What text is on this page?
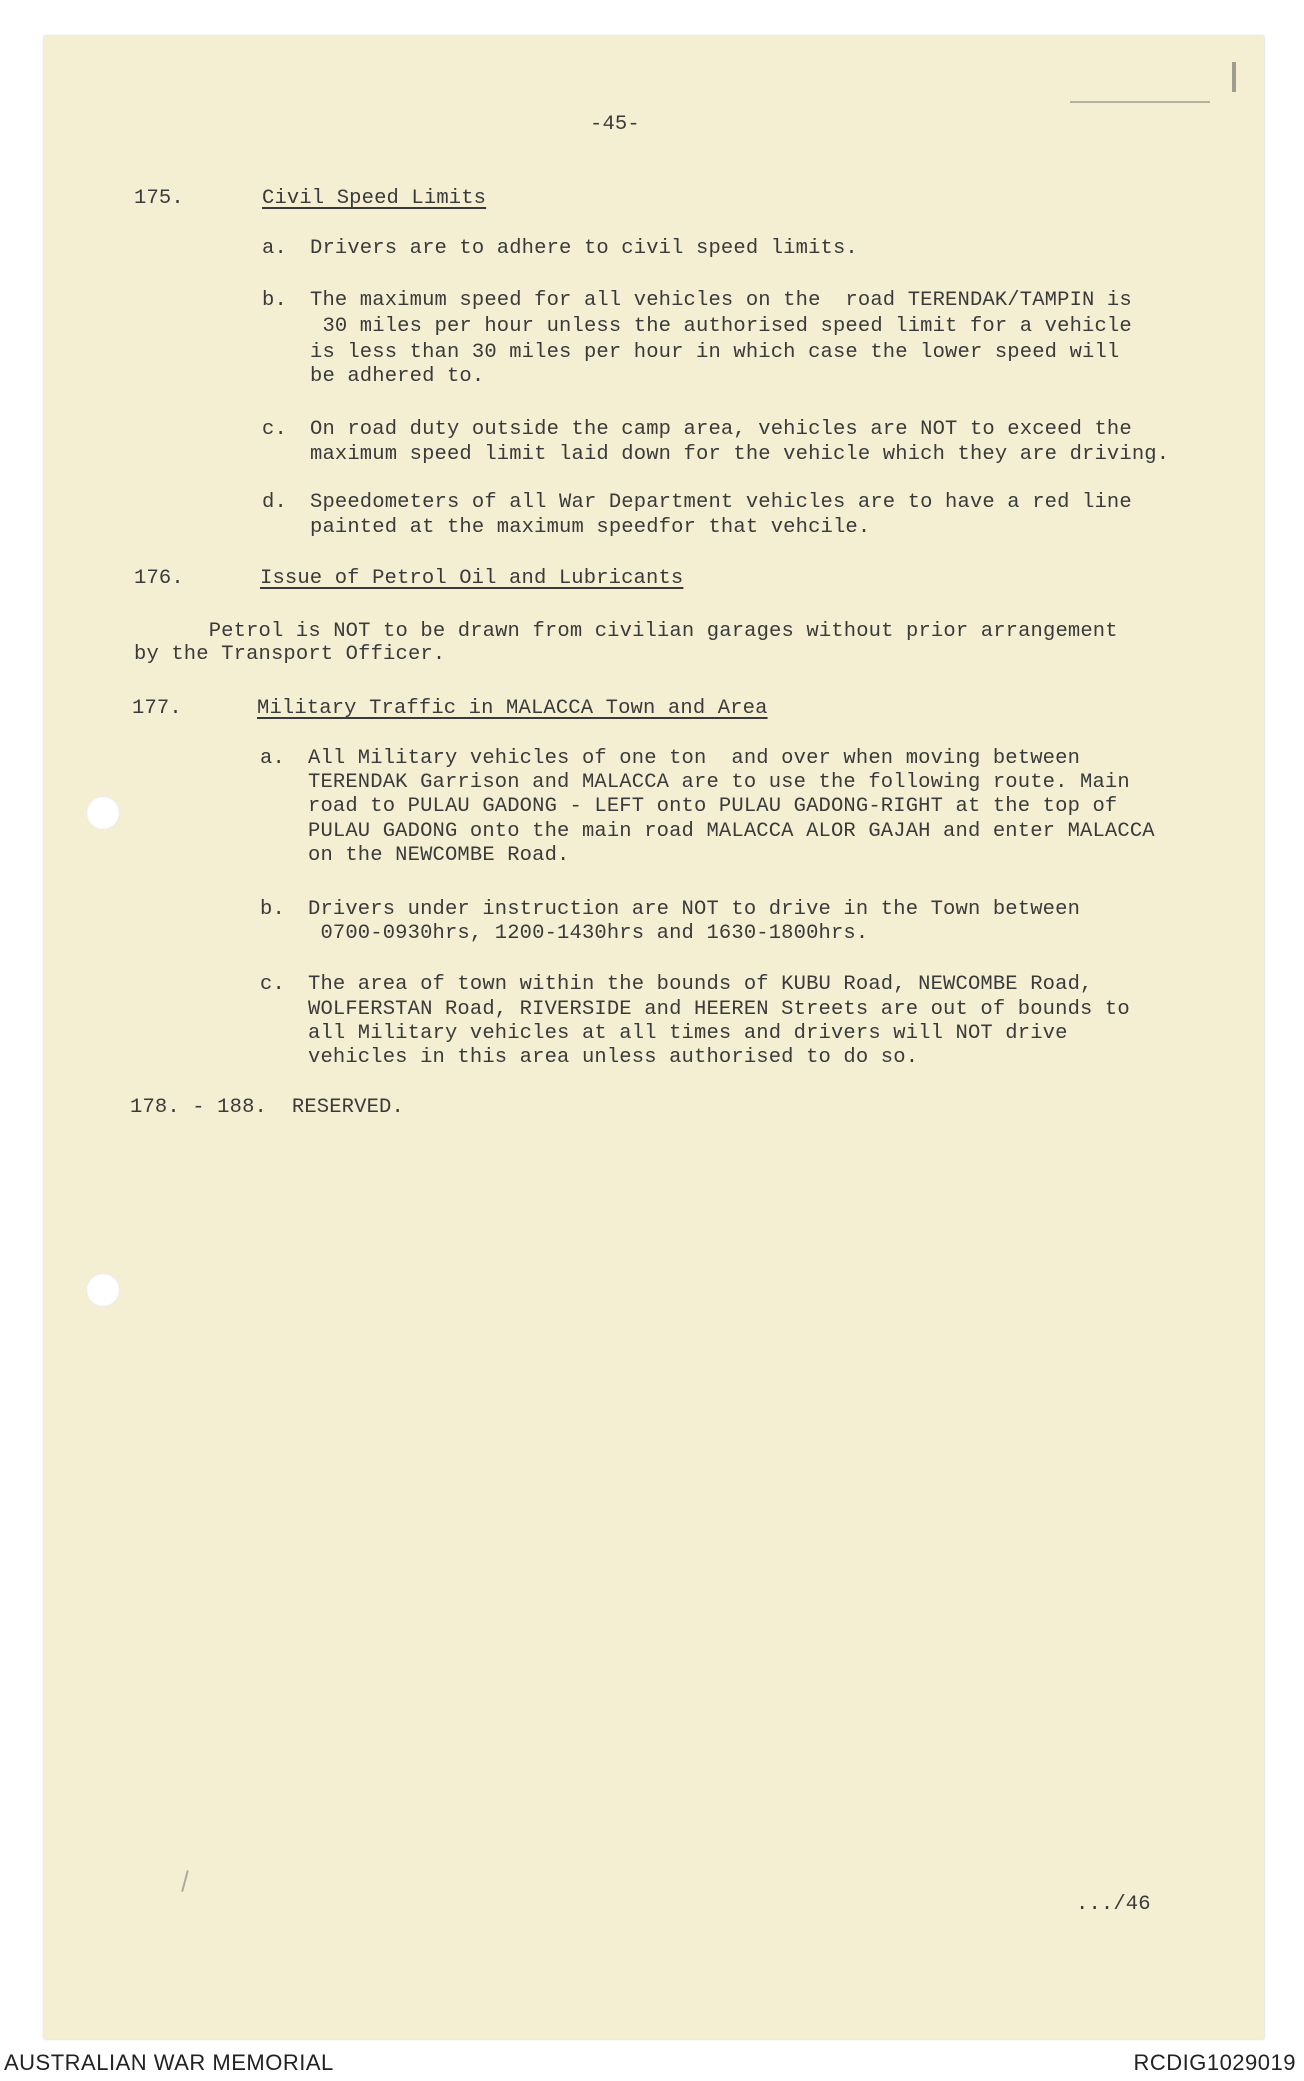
-45-
175.	Civil Speed Limits
a. Drivers are to adhere to civil speed limits.
b. The maximum speed for all vehicles on the  road TERENDAK/TAMPIN is
30 miles per hour unless the authorised speed limit for a vehicle
is less than 30 miles per hour in which case the lower speed will
be adhered to.
c. On road duty outside the camp area, vehicles are NOT to exceed the
maximum speed limit laid down for the vehicle which they are driving.
d. Speedometers of all War Department vehicles are to have a red line
painted at the maximum speedfor that vehcile.
176.	Issue of Petrol Oil and Lubricants
Petrol is NOT to be drawn from civilian garages without prior arrangement
by the Transport Officer.
177.	Military Traffic in MALACCA Town and Area
a. All Military vehicles of one ton  and over when moving between
TERENDAK Garrison and MALACCA are to use the following route. Main
road to PULAU GADONG - LEFT onto PULAU GADONG-RIGHT at the top of
PULAU GADONG onto the main road MALACCA ALOR GAJAH and enter MALACCA
on the NEWCOMBE Road.
b. Drivers under instruction are NOT to drive in the Town between
0700-0930hrs, 1200-1430hrs and 1630-1800hrs.
c. The area of town within the bounds of KUBU Road, NEWCOMBE Road,
WOLFERSTAN Road, RIVERSIDE and HEEREN Streets are out of bounds to
all Military vehicles at all times and drivers will NOT drive
vehicles in this area unless authorised to do so.
178. - 188.  RESERVED.
.../46
AUSTRALIAN WAR MEMORIAL	RCDIG1029019
